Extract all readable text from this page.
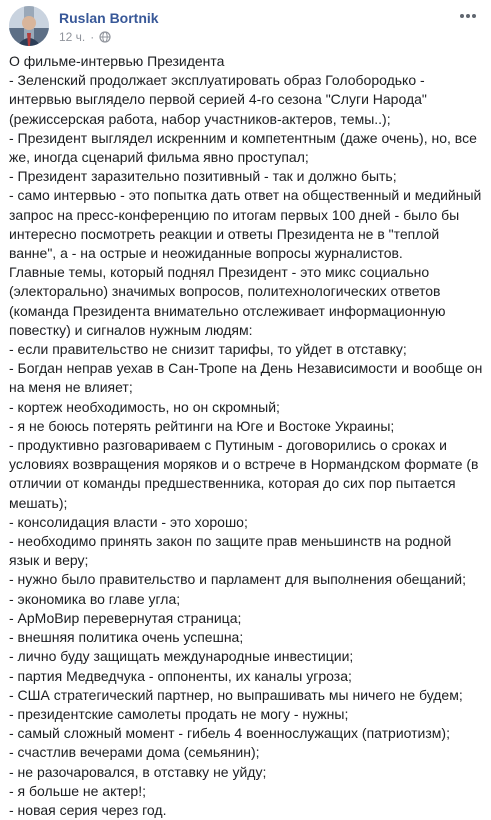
Ruslan Bortnik
12 ч. ·

О фильме-интервью Президента

- Зеленский продолжает эксплуатировать образ Голобородько - интервью выглядело первой серией 4-го сезона "Слуги Народа" (режиссерская работа, набор участников-актеров, темы..);

- Президент выглядел искренним и компетентным (даже очень), но, все же, иногда сценарий фильма явно проступал;

- Президент заразительно позитивный - так и должно быть;

- само интервью - это попытка дать ответ на общественный и медийный запрос на пресс-конференцию по итогам первых 100 дней - было бы интересно посмотреть реакции и ответы Президента не в "теплой ванне", а - на острые и неожиданные вопросы журналистов.

Главные темы, который поднял Президент - это микс социально (электорально) значимых вопросов, политехнологических ответов (команда Президента внимательно отслеживает информационную повестку) и сигналов нужным людям:

- если правительство не снизит тарифы, то уйдет в отставку;

- Богдан неправ уехав в Сан-Тропе на День Независимости и вообще он на меня не влияет;

- кортеж необходимость, но он скромный;

- я не боюсь потерять рейтинги на Юге и Востоке Украины;

- продуктивно разговариваем с Путиным - договорились о сроках и условиях возвращения моряков и о встрече в Нормандском формате (в отличии от команды предшественника, которая до сих пор пытается мешать);

- консолидация власти - это хорошо;

- необходимо принять закон по защите прав меньшинств на родной язык и веру;

- нужно было правительство и парламент для выполнения обещаний;

- экономика во главе угла;

- АрМоВир перевернутая страница;

- внешняя политика очень успешна;

- лично буду защищать международные инвестиции;

- партия Медведчука - оппоненты, их каналы угроза;

- США стратегический партнер, но выпрашивать мы ничего не будем;

- президентские самолеты продать не могу - нужны;

- самый сложный момент - гибель 4 военнослужащих (патриотизм);

- счастлив вечерами дома (семьянин);

- не разочаровался, в отставку не уйду;

- я больше не актер!;

- новая серия через год.
